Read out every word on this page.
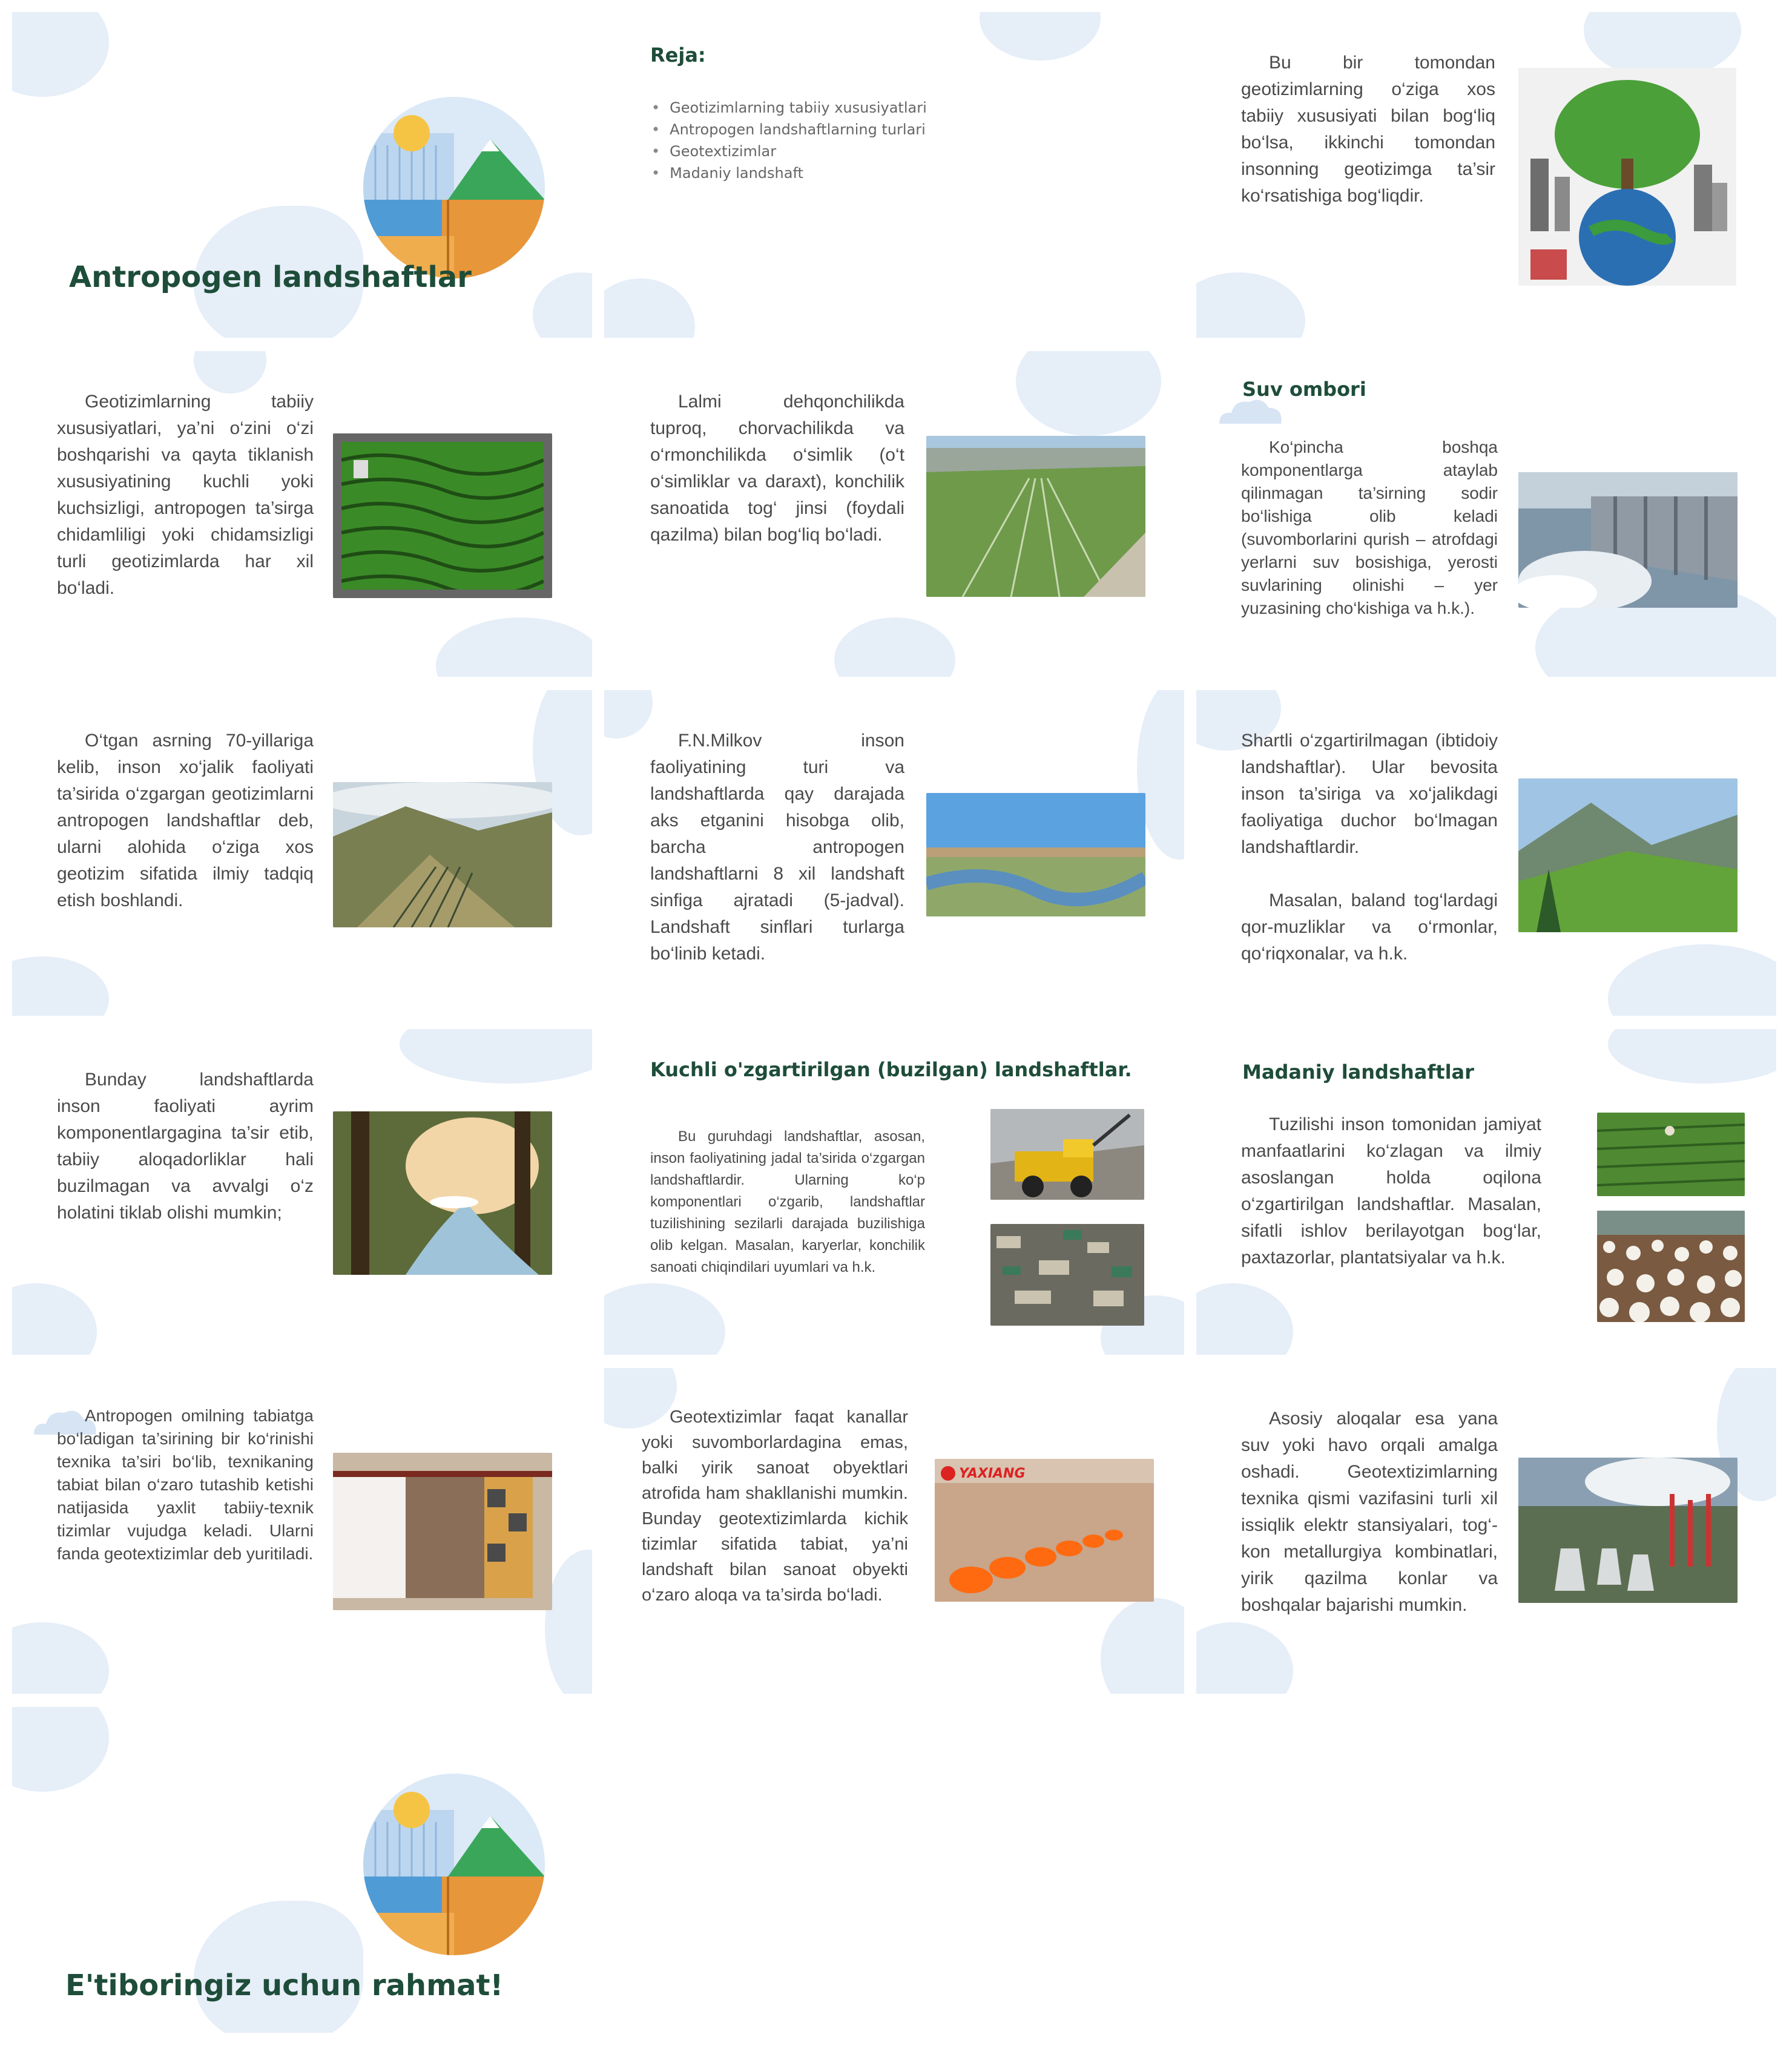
Antropogen landshaftlar
Reja:
• Geotizimlarning tabiiy xususiyatlari
• Antropogen landshaftlarning turlari
• Geotextizimlar
• Madaniy landshaft
Bu bir tomondan geotizimlarning o‘ziga xos tabiiy xususiyati bilan bog‘liq bo‘lsa, ikkinchi tomondan insonning geotizimga ta’sir ko‘rsatishiga bog‘liqdir.
Geotizimlarning tabiiy xususiyatlari, ya’ni o‘zini o‘zi boshqarishi va qayta tiklanish xususiyatining kuchli yoki kuchsizligi, antropogen ta’sirga chidamliligi yoki chidamsizligi turli geotizimlarda har xil bo‘ladi.
Lalmi dehqonchilikda tuproq, chorvachilikda va o‘rmonchilikda o‘simlik (o‘t o‘simliklar va daraxt), konchilik sanoatida tog‘ jinsi (foydali qazilma) bilan bog‘liq bo‘ladi.
Suv ombori
Ko‘pincha boshqa komponentlarga ataylab qilinmagan ta’sirning sodir bo‘lishiga olib keladi (suvomborlarini qurish – atrofdagi yerlarni suv bosishiga, yerosti suvlarining olinishi – yer yuzasining cho‘kishiga va h.k.).
O‘tgan asrning 70-yillariga kelib, inson xo‘jalik faoliyati ta’sirida o‘zgargan geotizimlarni antropogen landshaftlar deb, ularni alohida o‘ziga xos geotizim sifatida ilmiy tadqiq etish boshlandi.
F.N.Milkov inson faoliyatining turi va landshaftlarda qay darajada aks etganini hisobga olib, barcha antropogen landshaftlarni 8 xil landshaft sinfiga ajratadi (5-jadval). Landshaft sinflari turlarga bo‘linib ketadi.
Shartli o‘zgartirilmagan (ibtidoiy landshaftlar). Ular bevosita inson ta’siriga va xo‘jalikdagi faoliyatiga duchor bo‘lmagan landshaftlardir.
Masalan, baland tog‘lardagi qor-muzliklar va o‘rmonlar, qo‘riqxonalar, va h.k.
Bunday landshaftlarda inson faoliyati ayrim komponentlargagina ta’sir etib, tabiiy aloqadorliklar hali buzilmagan va avvalgi o‘z holatini tiklab olishi mumkin;
Kuchli o'zgartirilgan (buzilgan) landshaftlar.
Bu guruhdagi landshaftlar, asosan, inson faoliyatining jadal ta’sirida o‘zgargan landshaftlardir. Ularning ko‘p komponentlari o‘zgarib, landshaftlar tuzilishining sezilarli darajada buzilishiga olib kelgan. Masalan, karyerlar, konchilik sanoati chiqindilari uyumlari va h.k.
Madaniy landshaftlar
Tuzilishi inson tomonidan jamiyat manfaatlarini ko‘zlagan va ilmiy asoslangan holda oqilona o‘zgartirilgan landshaftlar. Masalan, sifatli ishlov berilayotgan bog‘lar, paxtazorlar, plantatsiyalar va h.k.
Antropogen omilning tabiatga bo‘ladigan ta’sirining bir ko‘rinishi texnika ta’siri bo‘lib, texnikaning tabiat bilan o‘zaro tutashib ketishi natijasida yaxlit tabiiy-texnik tizimlar vujudga keladi. Ularni fanda geotextizimlar deb yuritiladi.
Geotextizimlar faqat kanallar yoki suvomborlardagina emas, balki yirik sanoat obyektlari atrofida ham shakllanishi mumkin. Bunday geotextizimlarda kichik tizimlar sifatida tabiat, ya’ni landshaft bilan sanoat obyekti o‘zaro aloqa va ta’sirda bo‘ladi.
YAXIANG
Asosiy aloqalar esa yana suv yoki havo orqali amalga oshadi. Geotextizimlarning texnika qismi vazifasini turli xil issiqlik elektr stansiyalari, tog‘-kon metallurgiya kombinatlari, yirik qazilma konlar va boshqalar bajarishi mumkin.
E'tiboringiz uchun rahmat!
